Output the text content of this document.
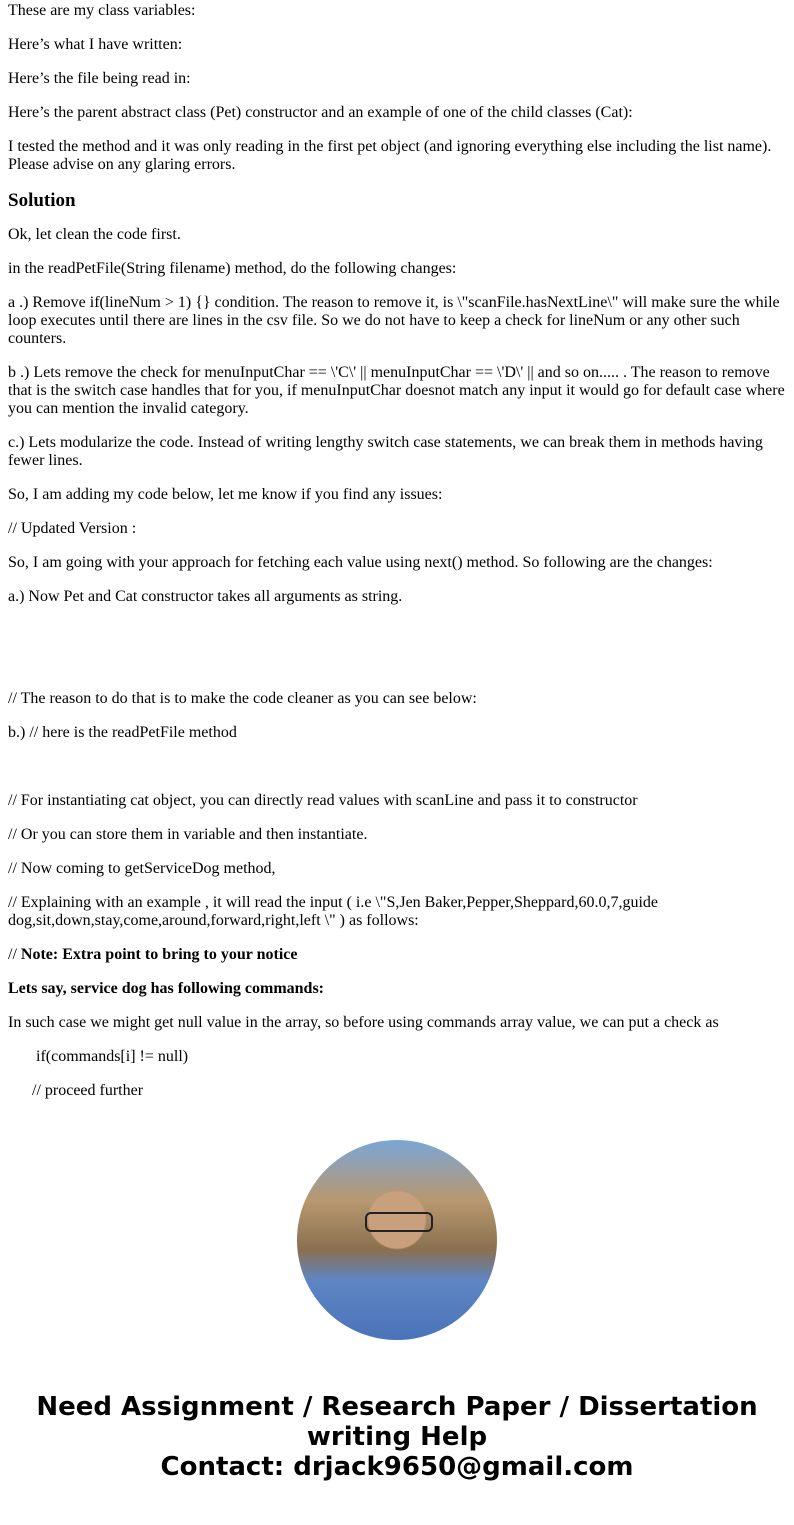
These are my class variables:

Here’s what I have written:

Here’s the file being read in:

Here’s the parent abstract class (Pet) constructor and an example of one of the child classes (Cat):

I tested the method and it was only reading in the first pet object (and ignoring everything else including the list name). Please advise on any glaring errors.

Solution

Ok, let clean the code first.

in the readPetFile(String filename) method, do the following changes:

a .) Remove if(lineNum > 1) {} condition. The reason to remove it, is \"scanFile.hasNextLine\" will make sure the while loop executes until there are lines in the csv file. So we do not have to keep a check for lineNum or any other such counters.

b .) Lets remove the check for menuInputChar == \'C\' || menuInputChar == \'D\' || and so on..... . The reason to remove that is the switch case handles that for you, if menuInputChar doesnot match any input it would go for default case where you can mention the invalid category.

c.) Lets modularize the code. Instead of writing lengthy switch case statements, we can break them in methods having fewer lines.

So, I am adding my code below, let me know if you find any issues:

// Updated Version :

So, I am going with your approach for fetching each value using next() method. So following are the changes:

a.) Now Pet and Cat constructor takes all arguments as string.

// The reason to do that is to make the code cleaner as you can see below:

b.) // here is the readPetFile method

// For instantiating cat object, you can directly read values with scanLine and pass it to constructor

// Or you can store them in variable and then instantiate.

// Now coming to getServiceDog method,

// Explaining with an example , it will read the input ( i.e \"S,Jen Baker,Pepper,Sheppard,60.0,7,guide dog,sit,down,stay,come,around,forward,right,left \" ) as follows:

// Note: Extra point to bring to your notice

Lets say, service dog has following commands:

In such case we might get null value in the array, so before using commands array value, we can put a check as

if(commands[i] != null)

// proceed further

Need Assignment / Research Paper / Dissertation writing Help
Contact: drjack9650@gmail.com
